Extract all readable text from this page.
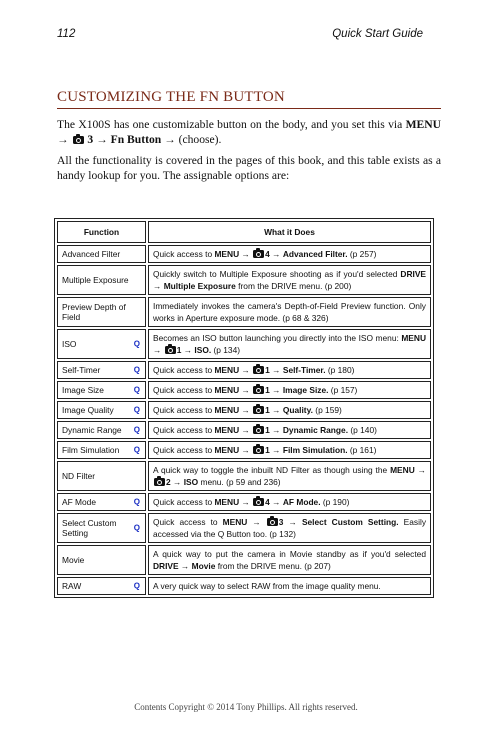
112	Quick Start Guide
CUSTOMIZING THE FN BUTTON

The X100S has one customizable button on the body, and you set this via MENU → 3 → Fn Button → (choose).

All the functionality is covered in the pages of this book, and this table exists as a handy lookup for you. The assignable options are:

Function	What it Does
Advanced Filter	Quick access to MENU → 4 → Advanced Filter. (p 257)
Multiple Exposure	Quickly switch to Multiple Exposure shooting as if you'd selected DRIVE → Multiple Exposure from the DRIVE menu. (p 200)
Preview Depth of Field	Immediately invokes the camera's Depth-of-Field Preview function. Only works in Aperture exposure mode. (p 68 & 326)
ISO Q	Becomes an ISO button launching you directly into the ISO menu: MENU → 1 → ISO. (p 134)
Self-Timer Q	Quick access to MENU → 1 → Self-Timer. (p 180)
Image Size Q	Quick access to MENU → 1 → Image Size. (p 157)
Image Quality Q	Quick access to MENU → 1 → Quality. (p 159)
Dynamic Range Q	Quick access to MENU → 1 → Dynamic Range. (p 140)
Film Simulation Q	Quick access to MENU → 1 → Film Simulation. (p 161)
ND Filter	A quick way to toggle the inbuilt ND Filter as though using the MENU → 2 → ISO menu. (p 59 and 236)
AF Mode Q	Quick access to MENU → 4 → AF Mode. (p 190)
Select Custom Setting Q	Quick access to MENU → 3 → Select Custom Setting. Easily accessed via the Q Button too. (p 132)
Movie	A quick way to put the camera in Movie standby as if you'd selected DRIVE → Movie from the DRIVE menu. (p 207)
RAW Q	A very quick way to select RAW from the image quality menu.
Contents Copyright © 2014 Tony Phillips. All rights reserved.
